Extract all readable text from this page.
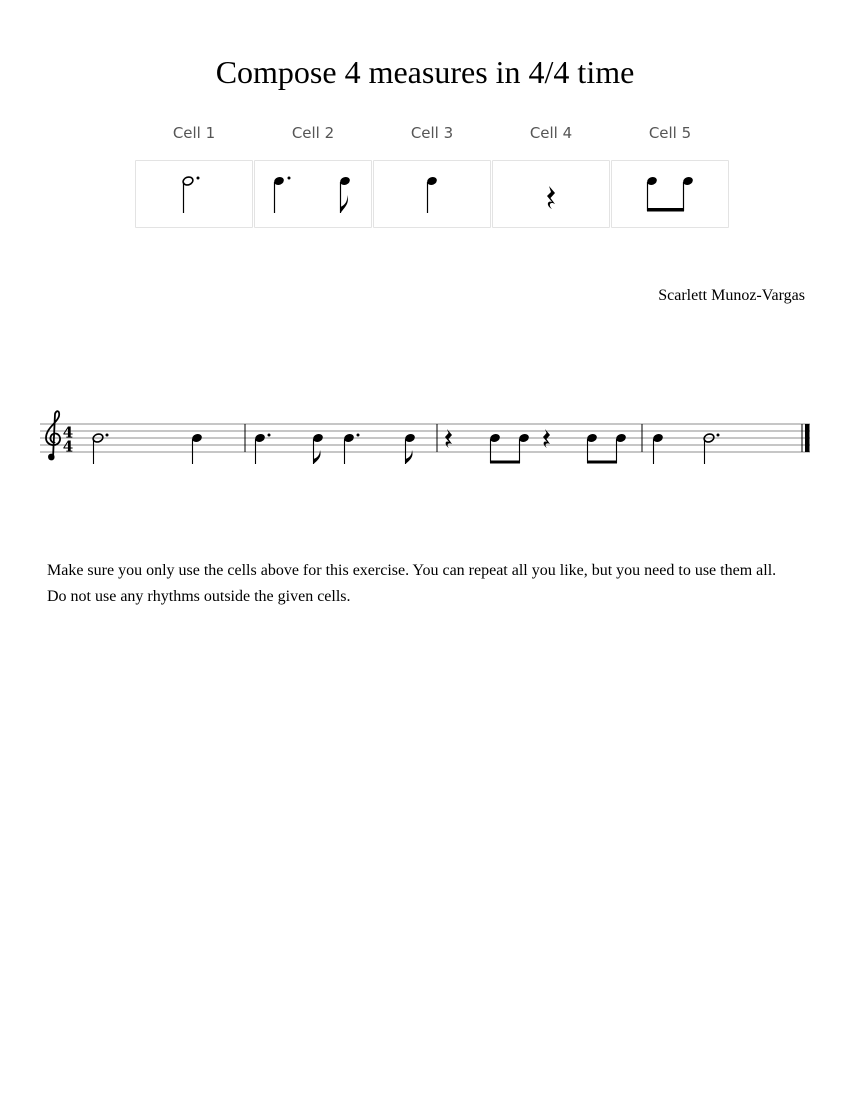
Compose 4 measures in 4/4 time
Cell 1	Cell 2	Cell 3	Cell 4	Cell 5
Scarlett Munoz-Vargas
4
4

Make sure you only use the cells above for this exercise. You can repeat all you like, but you need to use them all.

Do not use any rhythms outside the given cells.
